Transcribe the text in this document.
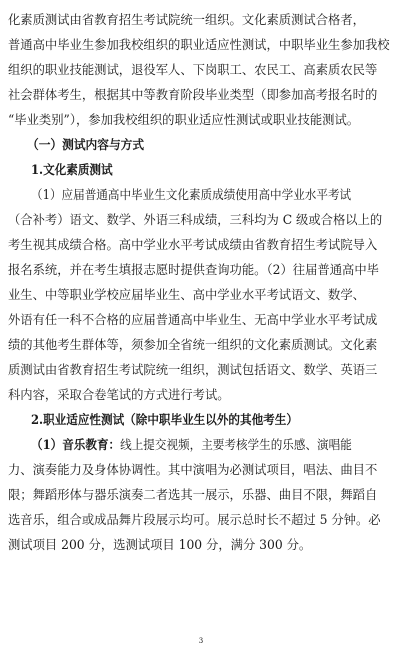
化素质测试由省教育招生考试院统一组织。文化素质测试合格者，
普通高中毕业生参加我校组织的职业适应性测试，中职毕业生参加我校
组织的职业技能测试，退役军人、下岗职工、农民工、高素质农民等
社会群体考生，根据其中等教育阶段毕业类型（即参加高考报名时的
“毕业类别”），参加我校组织的职业适应性测试或职业技能测试。
（一）测试内容与方式
1.文化素质测试
（1）应届普通高中毕业生文化素质成绩使用高中学业水平考试
（合补考）语文、数学、外语三科成绩，三科均为 C 级或合格以上的
考生视其成绩合格。高中学业水平考试成绩由省教育招生考试院导入
报名系统，并在考生填报志愿时提供查询功能。（2）往届普通高中毕
业生、中等职业学校应届毕业生、高中学业水平考试语文、数学、
外语有任一科不合格的应届普通高中毕业生、无高中学业水平考试成
绩的其他考生群体等，须参加全省统一组织的文化素质测试。文化素
质测试由省教育招生考试院统一组织，测试包括语文、数学、英语三
科内容，采取合卷笔试的方式进行考试。
2.职业适应性测试（除中职毕业生以外的其他考生）
（1）音乐教育：线上提交视频，主要考核学生的乐感、演唱能
力、演奏能力及身体协调性。其中演唱为必测试项目，唱法、曲目不
限；舞蹈形体与器乐演奏二者选其一展示，乐器、曲目不限，舞蹈自
选音乐，组合或成品舞片段展示均可。展示总时长不超过 5 分钟。必
测试项目 200 分，选测试项目 100 分，满分 300 分。
3
